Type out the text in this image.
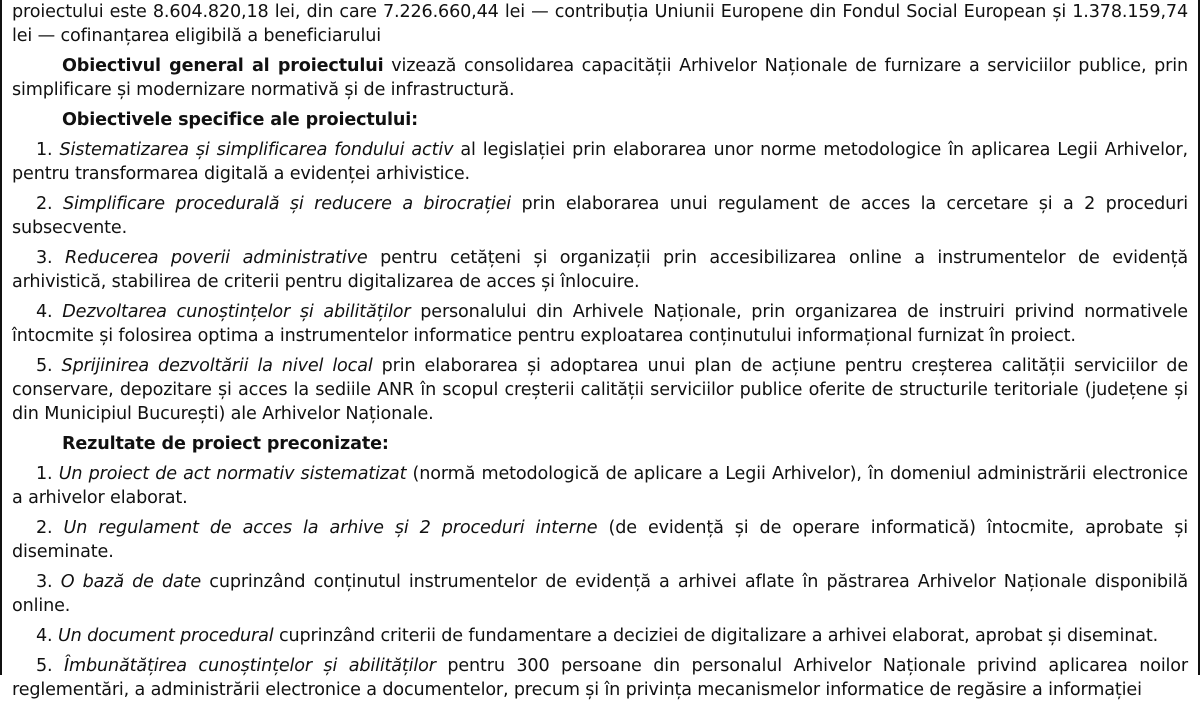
proiectului este 8.604.820,18 lei, din care 7.226.660,44 lei — contribuția Uniunii Europene din Fondul Social European și 1.378.159,74 lei — cofinanțarea eligibilă a beneficiarului

Obiectivul general al proiectului vizează consolidarea capacității Arhivelor Naționale de furnizare a serviciilor publice, prin simplificare și modernizare normativă și de infrastructură.

Obiectivele specifice ale proiectului:

1. Sistematizarea și simplificarea fondului activ al legislației prin elaborarea unor norme metodologice în aplicarea Legii Arhivelor, pentru transformarea digitală a evidenței arhivistice.

2. Simplificare procedurală și reducere a birocrației prin elaborarea unui regulament de acces la cercetare și a 2 proceduri subsecvente.

3. Reducerea poverii administrative pentru cetățeni și organizații prin accesibilizarea online a instrumentelor de evidență arhivistică, stabilirea de criterii pentru digitalizarea de acces și înlocuire.

4. Dezvoltarea cunoștințelor și abilităților personalului din Arhivele Naționale, prin organizarea de instruiri privind normativele întocmite și folosirea optima a instrumentelor informatice pentru exploatarea conținutului informațional furnizat în proiect.

5. Sprijinirea dezvoltării la nivel local prin elaborarea și adoptarea unui plan de acțiune pentru creșterea calității serviciilor de conservare, depozitare și acces la sediile ANR în scopul creșterii calității serviciilor publice oferite de structurile teritoriale (județene și din Municipiul București) ale Arhivelor Naționale.

Rezultate de proiect preconizate:

1. Un proiect de act normativ sistematizat (normă metodologică de aplicare a Legii Arhivelor), în domeniul administrării electronice a arhivelor elaborat.

2. Un regulament de acces la arhive și 2 proceduri interne (de evidență și de operare informatică) întocmite, aprobate și diseminate.

3. O bază de date cuprinzând conținutul instrumentelor de evidență a arhivei aflate în păstrarea Arhivelor Naționale disponibilă online.

4. Un document procedural cuprinzând criterii de fundamentare a deciziei de digitalizare a arhivei elaborat, aprobat și diseminat.

5. Îmbunătățirea cunoștințelor și abilităților pentru 300 persoane din personalul Arhivelor Naționale privind aplicarea noilor reglementări, a administrării electronice a documentelor, precum și în privința mecanismelor informatice de regăsire a informației
